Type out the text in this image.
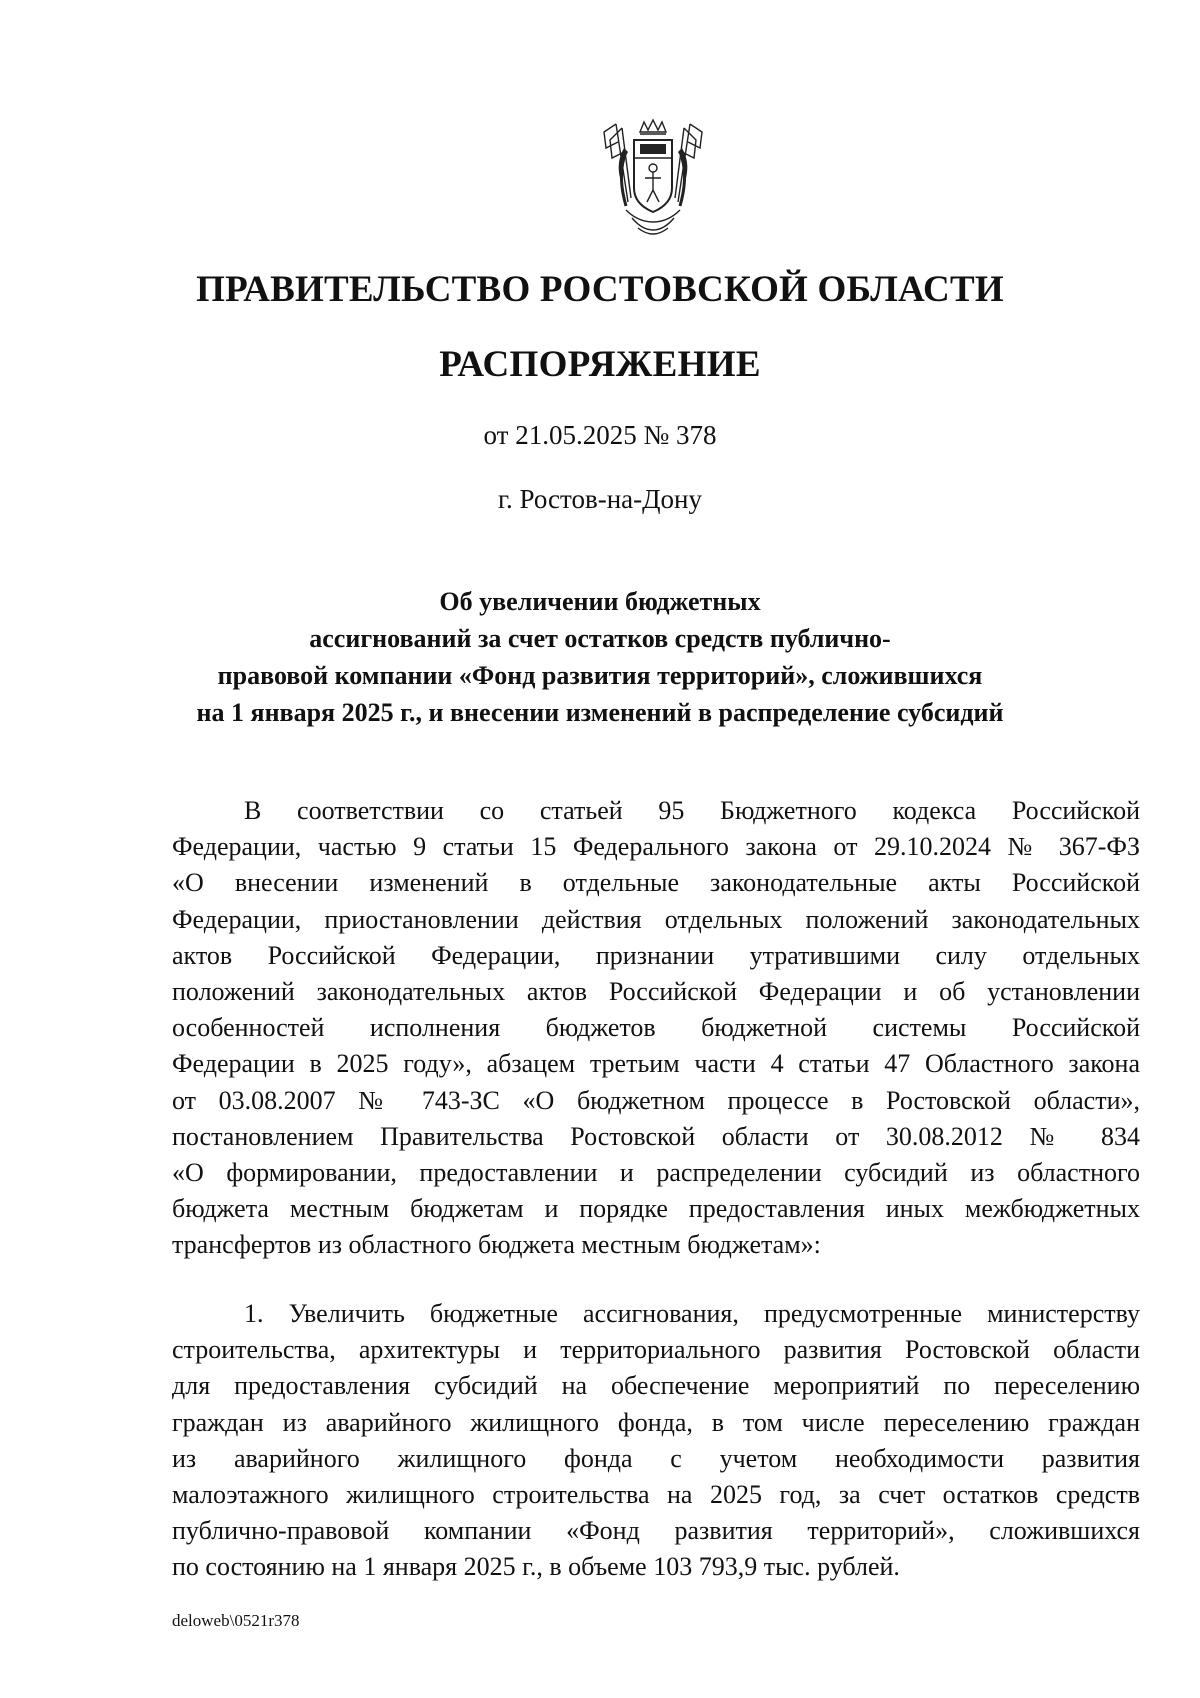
ПРАВИТЕЛЬСТВО РОСТОВСКОЙ ОБЛАСТИ
РАСПОРЯЖЕНИЕ
от 21.05.2025 № 378
г. Ростов-на-Дону
Об увеличении бюджетных
ассигнований за счет остатков средств публично-
правовой компании «Фонд развития территорий», сложившихся
на 1 января 2025 г., и внесении изменений в распределение субсидий
В соответствии со статьей 95 Бюджетного кодекса Российской
Федерации, частью 9 статьи 15 Федерального закона от 29.10.2024 № 367-ФЗ
«О внесении изменений в отдельные законодательные акты Российской
Федерации, приостановлении действия отдельных положений законодательных
актов Российской Федерации, признании утратившими силу отдельных
положений законодательных актов Российской Федерации и об установлении
особенностей исполнения бюджетов бюджетной системы Российской
Федерации в 2025 году», абзацем третьим части 4 статьи 47 Областного закона
от 03.08.2007 № 743-ЗС «О бюджетном процессе в Ростовской области»,
постановлением Правительства Ростовской области от 30.08.2012 № 834
«О формировании, предоставлении и распределении субсидий из областного
бюджета местным бюджетам и порядке предоставления иных межбюджетных
трансфертов из областного бюджета местным бюджетам»:
1. Увеличить бюджетные ассигнования, предусмотренные министерству
строительства, архитектуры и территориального развития Ростовской области
для предоставления субсидий на обеспечение мероприятий по переселению
граждан из аварийного жилищного фонда, в том числе переселению граждан
из аварийного жилищного фонда с учетом необходимости развития
малоэтажного жилищного строительства на 2025 год, за счет остатков средств
публично-правовой компании «Фонд развития территорий», сложившихся
по состоянию на 1 января 2025 г., в объеме 103 793,9 тыс. рублей.
deloweb\0521r378
